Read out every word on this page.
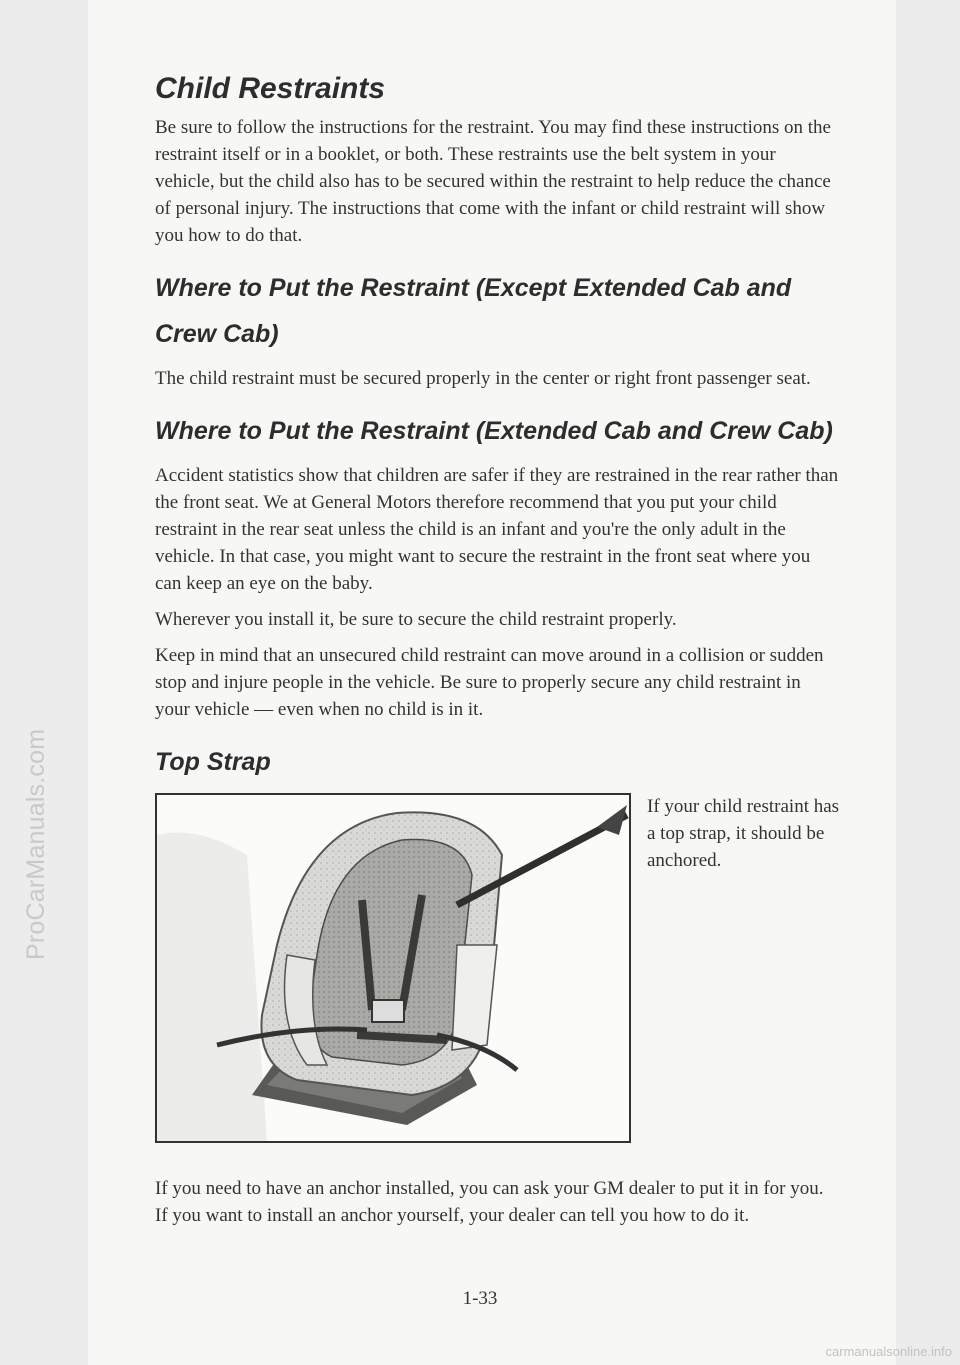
ProCarManuals.com
Child Restraints

Be sure to follow the instructions for the restraint. You may find these instructions on the restraint itself or in a booklet, or both. These restraints use the belt system in your vehicle, but the child also has to be secured within the restraint to help reduce the chance of personal injury. The instructions that come with the infant or child restraint will show you how to do that.

Where to Put the Restraint (Except Extended Cab and Crew Cab)

The child restraint must be secured properly in the center or right front passenger seat.

Where to Put the Restraint (Extended Cab and Crew Cab)

Accident statistics show that children are safer if they are restrained in the rear rather than the front seat. We at General Motors therefore recommend that you put your child restraint in the rear seat unless the child is an infant and you're the only adult in the vehicle. In that case, you might want to secure the restraint in the front seat where you can keep an eye on the baby.

Wherever you install it, be sure to secure the child restraint properly.

Keep in mind that an unsecured child restraint can move around in a collision or sudden stop and injure people in the vehicle. Be sure to properly secure any child restraint in your vehicle — even when no child is in it.

Top Strap
If your child restraint has a top strap, it should be anchored.

If you need to have an anchor installed, you can ask your GM dealer to put it in for you. If you want to install an anchor yourself, your dealer can tell you how to do it.

1-33
carmanualsonline.info
